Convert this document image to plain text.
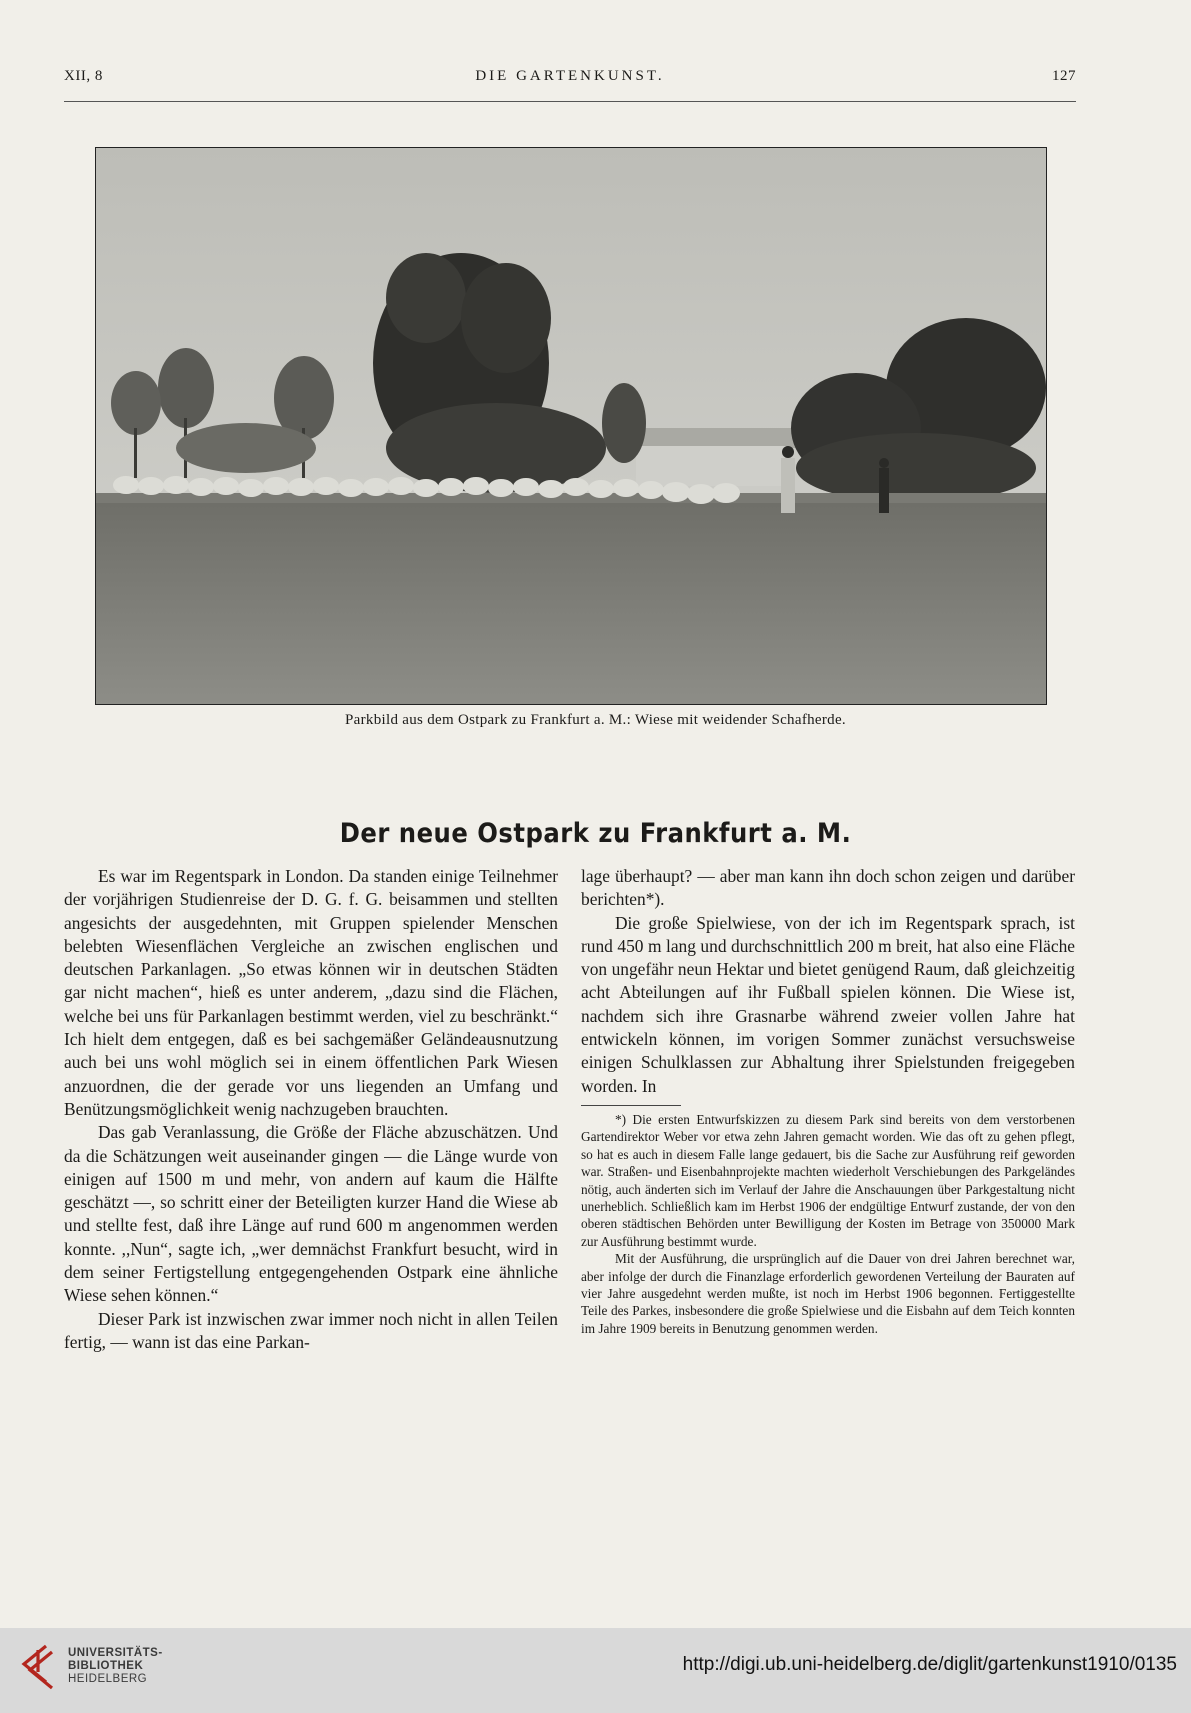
XII, 8	DIE GARTENKUNST.	127
Parkbild aus dem Ostpark zu Frankfurt a. M.: Wiese mit weidender Schafherde.
Der neue Ostpark zu Frankfurt a. M.

Es war im Regentspark in London. Da standen einige Teilnehmer der vorjährigen Studienreise der D. G. f. G. beisammen und stellten angesichts der ausgedehnten, mit Gruppen spielender Menschen belebten Wiesenflächen Vergleiche an zwischen englischen und deutschen Parkanlagen. „So etwas können wir in deutschen Städten gar nicht machen“, hieß es unter anderem, „dazu sind die Flächen, welche bei uns für Parkanlagen bestimmt werden, viel zu beschränkt.“ Ich hielt dem entgegen, daß es bei sachgemäßer Geländeausnutzung auch bei uns wohl möglich sei in einem öffentlichen Park Wiesen anzuordnen, die der gerade vor uns liegenden an Umfang und Benützungsmöglichkeit wenig nachzugeben brauchten.

Das gab Veranlassung, die Größe der Fläche abzuschätzen. Und da die Schätzungen weit auseinander gingen — die Länge wurde von einigen auf 1500 m und mehr, von andern auf kaum die Hälfte geschätzt —, so schritt einer der Beteiligten kurzer Hand die Wiese ab und stellte fest, daß ihre Länge auf rund 600 m angenommen werden konnte. ,,Nun“, sagte ich, „wer demnächst Frankfurt besucht, wird in dem seiner Fertigstellung entgegengehenden Ostpark eine ähnliche Wiese sehen können.“

Dieser Park ist inzwischen zwar immer noch nicht in allen Teilen fertig, — wann ist das eine Parkan-

lage überhaupt? — aber man kann ihn doch schon zeigen und darüber berichten*).

Die große Spielwiese, von der ich im Regentspark sprach, ist rund 450 m lang und durchschnittlich 200 m breit, hat also eine Fläche von ungefähr neun Hektar und bietet genügend Raum, daß gleichzeitig acht Abteilungen auf ihr Fußball spielen können. Die Wiese ist, nachdem sich ihre Grasnarbe während zweier vollen Jahre hat entwickeln können, im vorigen Sommer zunächst versuchsweise einigen Schulklassen zur Abhaltung ihrer Spielstunden freigegeben worden. In

*) Die ersten Entwurfskizzen zu diesem Park sind bereits von dem verstorbenen Gartendirektor Weber vor etwa zehn Jahren gemacht worden. Wie das oft zu gehen pflegt, so hat es auch in diesem Falle lange gedauert, bis die Sache zur Ausführung reif geworden war. Straßen- und Eisenbahnprojekte machten wiederholt Verschiebungen des Parkgeländes nötig, auch änderten sich im Verlauf der Jahre die Anschauungen über Parkgestaltung nicht unerheblich. Schließlich kam im Herbst 1906 der endgültige Entwurf zustande, der von den oberen städtischen Behörden unter Bewilligung der Kosten im Betrage von 350000 Mark zur Ausführung bestimmt wurde.

Mit der Ausführung, die ursprünglich auf die Dauer von drei Jahren berechnet war, aber infolge der durch die Finanzlage erforderlich gewordenen Verteilung der Bauraten auf vier Jahre ausgedehnt werden mußte, ist noch im Herbst 1906 begonnen. Fertiggestellte Teile des Parkes, insbesondere die große Spielwiese und die Eisbahn auf dem Teich konnten im Jahre 1909 bereits in Benutzung genommen werden.

UNIVERSITÄTS-
BIBLIOTHEK
HEIDELBERG
http://digi.ub.uni-heidelberg.de/diglit/gartenkunst1910/0135
